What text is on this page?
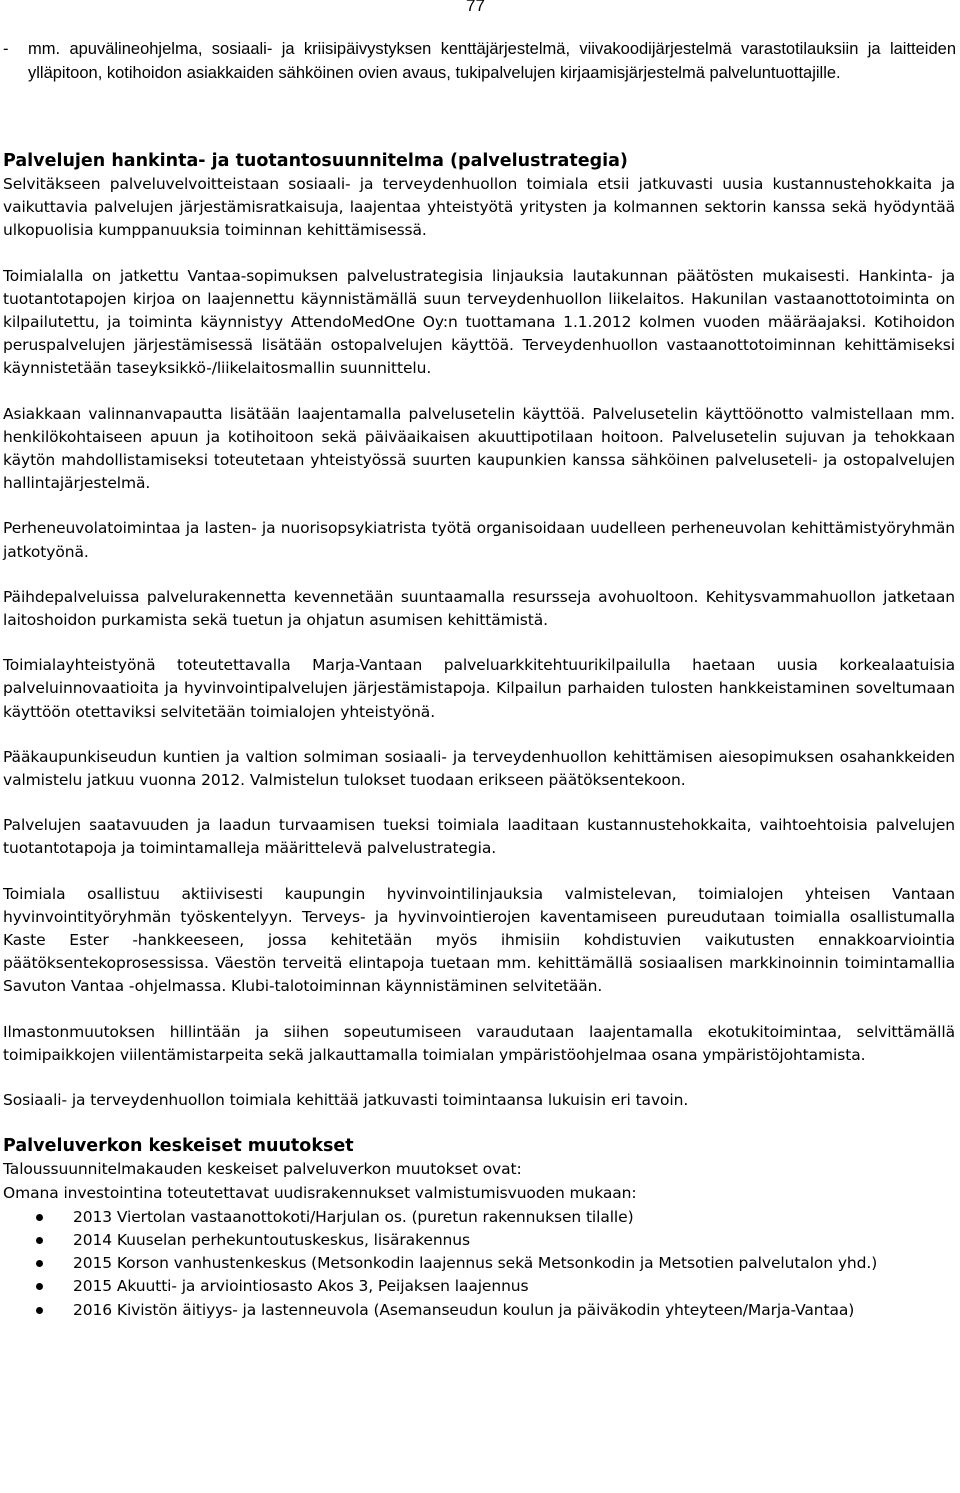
77
- mm. apuvälineohjelma, sosiaali- ja kriisipäivystyksen kenttäjärjestelmä, viivakoodijärjestelmä varastotilauksiin ja laitteiden ylläpitoon, kotihoidon asiakkaiden sähköinen ovien avaus, tukipalvelujen kirjaamisjärjestelmä palveluntuottajille.
Palvelujen hankinta- ja tuotantosuunnitelma (palvelustrategia)

Selvitäkseen palveluvelvoitteistaan sosiaali- ja terveydenhuollon toimiala etsii jatkuvasti uusia kustannustehokkaita ja vaikuttavia palvelujen järjestämisratkaisuja, laajentaa yhteistyötä yritysten ja kolmannen sektorin kanssa sekä hyödyntää ulkopuolisia kumppanuuksia toiminnan kehittämisessä.

Toimialalla on jatkettu Vantaa-sopimuksen palvelustrategisia linjauksia lautakunnan päätösten mukaisesti. Hankinta- ja tuotantotapojen kirjoa on laajennettu käynnistämällä suun terveydenhuollon liikelaitos. Hakunilan vastaanottotoiminta on kilpailutettu, ja toiminta käynnistyy AttendoMedOne Oy:n tuottamana 1.1.2012 kolmen vuoden määräajaksi. Kotihoidon peruspalvelujen järjestämisessä lisätään ostopalvelujen käyttöä. Terveydenhuollon vastaanottotoiminnan kehittämiseksi käynnistetään taseyksikkö-/liikelaitosmallin suunnittelu.

Asiakkaan valinnanvapautta lisätään laajentamalla palvelusetelin käyttöä. Palvelusetelin käyttöönotto valmistellaan mm. henkilökohtaiseen apuun ja kotihoitoon sekä päiväaikaisen akuuttipotilaan hoitoon. Palvelusetelin sujuvan ja tehokkaan käytön mahdollistamiseksi toteutetaan yhteistyössä suurten kaupunkien kanssa sähköinen palveluseteli- ja ostopalvelujen hallintajärjestelmä.

Perheneuvolatoimintaa ja lasten- ja nuorisopsykiatrista työtä organisoidaan uudelleen perheneuvolan kehittämistyöryhmän jatkotyönä.

Päihdepalveluissa palvelurakennetta kevennetään suuntaamalla resursseja avohuoltoon. Kehitysvammahuollon jatketaan laitoshoidon purkamista sekä tuetun ja ohjatun asumisen kehittämistä.

Toimialayhteistyönä toteutettavalla Marja-Vantaan palveluarkkitehtuurikilpailulla haetaan uusia korkealaatuisia palveluinnovaatioita ja hyvinvointipalvelujen järjestämistapoja. Kilpailun parhaiden tulosten hankkeistaminen soveltumaan käyttöön otettaviksi selvitetään toimialojen yhteistyönä.

Pääkaupunkiseudun kuntien ja valtion solmiman sosiaali- ja terveydenhuollon kehittämisen aiesopimuksen osahankkeiden valmistelu jatkuu vuonna 2012. Valmistelun tulokset tuodaan erikseen päätöksentekoon.

Palvelujen saatavuuden ja laadun turvaamisen tueksi toimiala laaditaan kustannustehokkaita, vaihtoehtoisia palvelujen tuotantotapoja ja toimintamalleja määrittelevä palvelustrategia.

Toimiala osallistuu aktiivisesti kaupungin hyvinvointilinjauksia valmistelevan, toimialojen yhteisen Vantaan hyvinvointityöryhmän työskentelyyn. Terveys- ja hyvinvointierojen kaventamiseen pureudutaan toimialla osallistumalla Kaste Ester -hankkeeseen, jossa kehitetään myös ihmisiin kohdistuvien vaikutusten ennakkoarviointia päätöksentekoprosessissa. Väestön terveitä elintapoja tuetaan mm. kehittämällä sosiaalisen markkinoinnin toimintamallia Savuton Vantaa -ohjelmassa. Klubi-talotoiminnan käynnistäminen selvitetään.

Ilmastonmuutoksen hillintään ja siihen sopeutumiseen varaudutaan laajentamalla ekotukitoimintaa, selvittämällä toimipaikkojen viilentämistarpeita sekä jalkauttamalla toimialan ympäristöohjelmaa osana ympäristöjohtamista.

Sosiaali- ja terveydenhuollon toimiala kehittää jatkuvasti toimintaansa lukuisin eri tavoin.

Palveluverkon keskeiset muutokset

Taloussuunnitelmakauden keskeiset palveluverkon muutokset ovat:

Omana investointina toteutettavat uudisrakennukset valmistumisvuoden mukaan:

2013 Viertolan vastaanottokoti/Harjulan os. (puretun rakennuksen tilalle)
2014 Kuuselan perhekuntoutuskeskus, lisärakennus
2015 Korson vanhustenkeskus (Metsonkodin laajennus sekä Metsonkodin ja Metsotien palvelutalon yhd.)
2015 Akuutti- ja arviointiosasto Akos 3, Peijaksen laajennus
2016 Kivistön äitiyys- ja lastenneuvola (Asemanseudun koulun ja päiväkodin yhteyteen/Marja-Vantaa)
